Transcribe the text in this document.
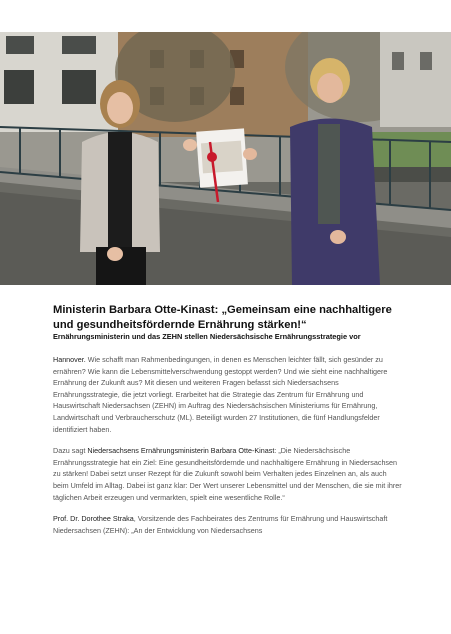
Ministerin Barbara Otte-Kinast: „Gemeinsam eine nachhaltigere und gesundheitsfördernde Ernährung stärken!“

Ernährungsministerin und das ZEHN stellen Niedersächsische Ernährungsstrategie vor

Hannover. Wie schafft man Rahmenbedingungen, in denen es Menschen leichter fällt, sich gesünder zu ernähren? Wie kann die Lebensmittelverschwendung gestoppt werden? Und wie sieht eine nachhaltigere Ernährung der Zukunft aus? Mit diesen und weiteren Fragen befasst sich Niedersachsens Ernährungsstrategie, die jetzt vorliegt. Erarbeitet hat die Strategie das Zentrum für Ernährung und Hauswirtschaft Niedersachsen (ZEHN) im Auftrag des Niedersächsischen Ministeriums für Ernährung, Landwirtschaft und Verbraucherschutz (ML). Beteiligt wurden 27 Institutionen, die fünf Handlungsfelder identifiziert haben.

Dazu sagt Niedersachsens Ernährungsministerin Barbara Otte-Kinast: „Die Niedersächsische Ernährungsstrategie hat ein Ziel: Eine gesundheitsfördernde und nachhaltigere Ernährung in Niedersachsen zu stärken! Dabei setzt unser Rezept für die Zukunft sowohl beim Verhalten jedes Einzelnen an, als auch beim Umfeld im Alltag. Dabei ist ganz klar: Der Wert unserer Lebensmittel und der Menschen, die sie mit ihrer täglichen Arbeit erzeugen und vermarkten, spielt eine wesentliche Rolle.“

Prof. Dr. Dorothee Straka, Vorsitzende des Fachbeirates des Zentrums für Ernährung und Hauswirtschaft Niedersachsen (ZEHN): „An der Entwicklung von Niedersachsens
